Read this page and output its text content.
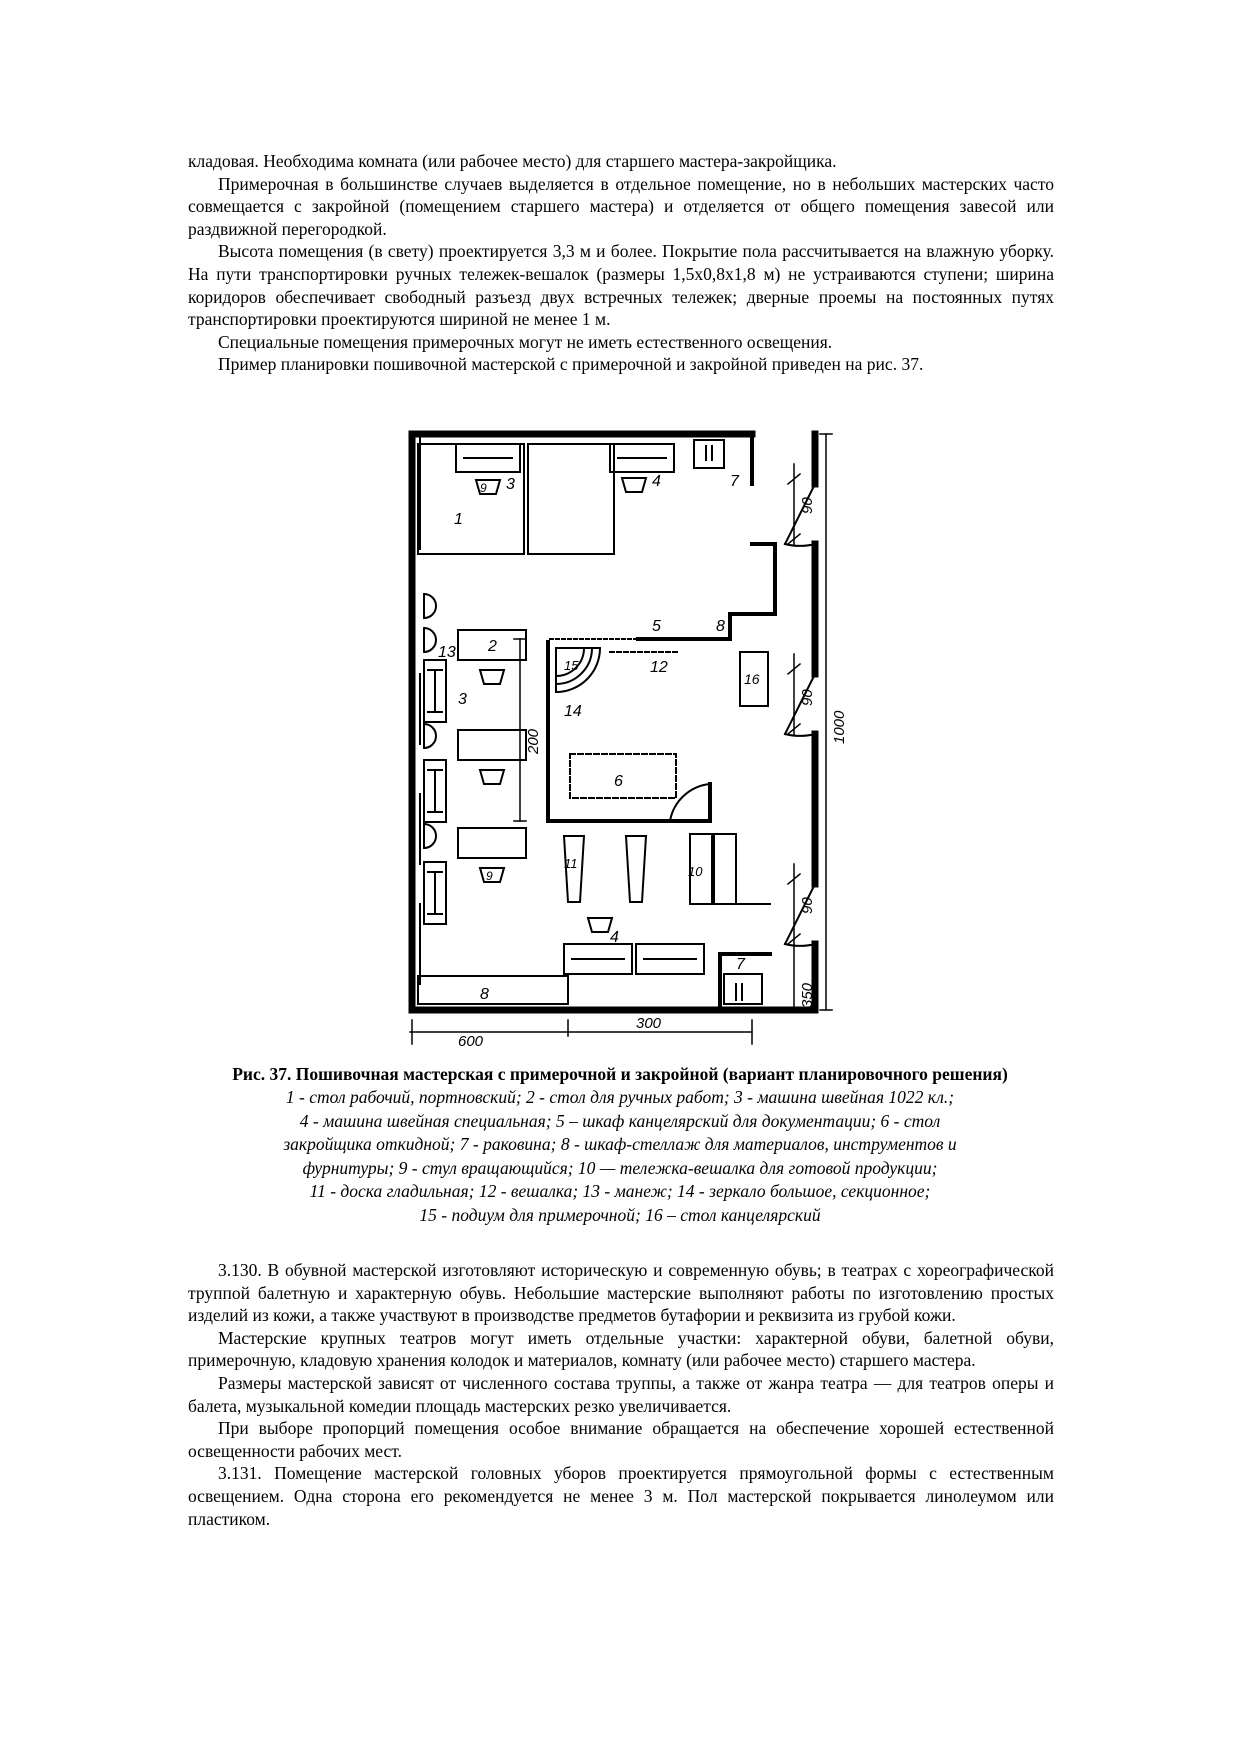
кладовая. Необходима комната (или рабочее место) для старшего мастера-закройщика.

Примерочная в большинстве случаев выделяется в отдельное помещение, но в небольших мастерских часто совмещается с закройной (помещением старшего мастера) и отделяется от общего помещения завесой или раздвижной перегородкой.

Высота помещения (в свету) проектируется 3,3 м и более. Покрытие пола рассчитывается на влажную уборку. На пути транспортировки ручных тележек-вешалок (размеры 1,5х0,8х1,8 м) не устраиваются ступени; ширина коридоров обеспечивает свободный разъезд двух встречных тележек; дверные проемы на постоянных путях транспортировки проектируются шириной не менее 1 м.

Специальные помещения примерочных могут не иметь естественного освещения.

Пример планировки пошивочной мастерской с примерочной и закройной приведен на рис. 37.

1
9 3	4	7
5	8
13
15	12
16
2
3
14
6
11
10
9
4
7
8
90
1000
90
200
90
350
600
300

Рис. 37. Пошивочная мастерская с примерочной и закройной (вариант планировочного решения)

1 - стол рабочий, портновский; 2 - стол для ручных работ; 3 - машина швейная 1022 кл.;
4 - машина швейная специальная; 5 – шкаф канцелярский для документации; 6 - стол
закройщика откидной; 7 - раковина; 8 - шкаф-стеллаж для материалов, инструментов и
фурнитуры; 9 - стул вращающийся; 10 — тележка-вешалка для готовой продукции;
11 - доска гладильная; 12 - вешалка; 13 - манеж; 14 - зеркало большое, секционное;
15 - подиум для примерочной; 16 – стол канцелярский

3.130. В обувной мастерской изготовляют историческую и современную обувь; в театрах с хореографической труппой балетную и характерную обувь. Небольшие мастерские выполняют работы по изготовлению простых изделий из кожи, а также участвуют в производстве предметов бутафории и реквизита из грубой кожи.

Мастерские крупных театров могут иметь отдельные участки: характерной обуви, балетной обуви, примерочную, кладовую хранения колодок и материалов, комнату (или рабочее место) старшего мастера.

Размеры мастерской зависят от численного состава труппы, а также от жанра театра — для театров оперы и балета, музыкальной комедии площадь мастерских резко увеличивается.

При выборе пропорций помещения особое внимание обращается на обеспечение хорошей естественной освещенности рабочих мест.

3.131. Помещение мастерской головных уборов проектируется прямоугольной формы с естественным освещением. Одна сторона его рекомендуется не менее 3 м. Пол мастерской покрывается линолеумом или пластиком.
